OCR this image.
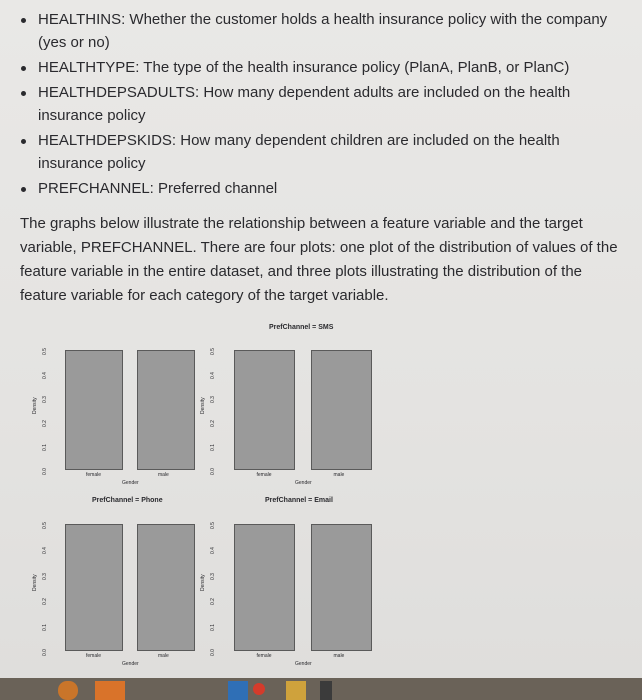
HEALTHINS: Whether the customer holds a health insurance policy with the company (yes or no)
HEALTHTYPE: The type of the health insurance policy (PlanA, PlanB, or PlanC)
HEALTHDEPSADULTS: How many dependent adults are included on the health insurance policy
HEALTHDEPSKIDS: How many dependent children are included on the health insurance policy
PREFCHANNEL: Preferred channel
The graphs below illustrate the relationship between a feature variable and the target variable, PREFCHANNEL. There are four plots: one plot of the distribution of values of the feature variable in the entire dataset, and three plots illustrating the distribution of the feature variable for each category of the target variable.
Density
0.0
0.1
0.2
0.3
0.4
0.5
female	male
Gender
PrefChannel = SMS
Density
0.0
0.1
0.2
0.3
0.4
0.5
female	male
Gender
PrefChannel = Phone
Density
0.0
0.1
0.2
0.3
0.4
0.5
female	male
Gender
PrefChannel = Email
Density
0.0
0.1
0.2
0.3
0.4
0.5
female	male
Gender
